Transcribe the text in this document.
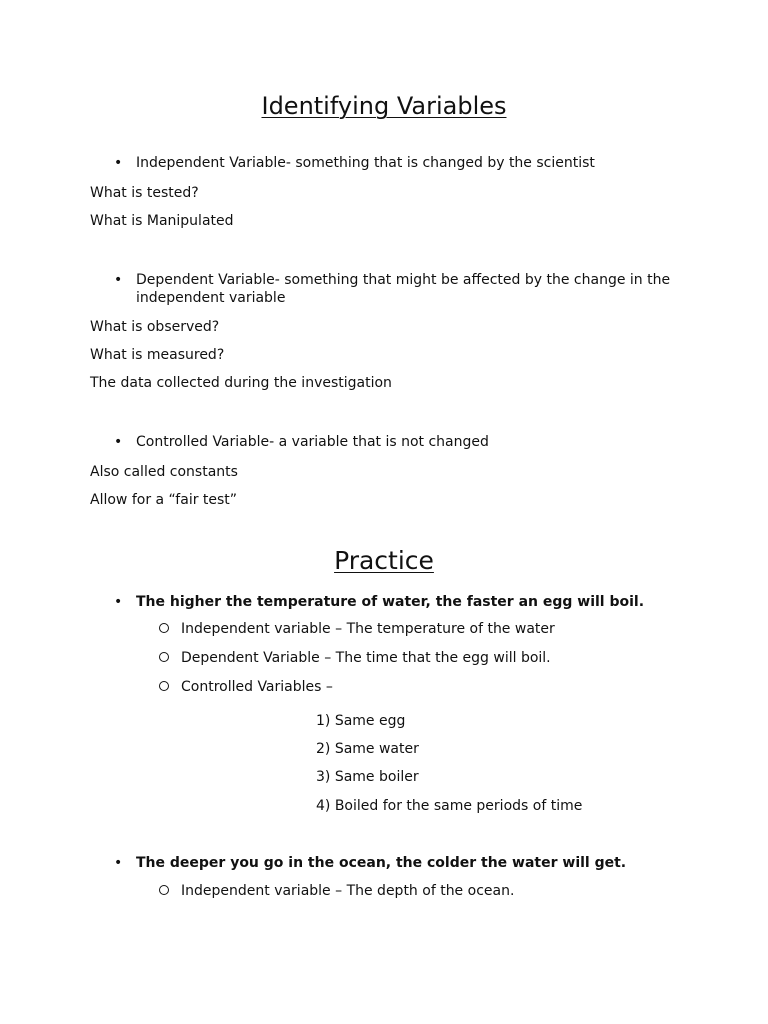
Identifying Variables
• Independent Variable- something that is changed by the scientist
What is tested?
What is Manipulated
• Dependent Variable- something that might be affected by the change in the
independent variable
What is observed?
What is measured?
The data collected during the investigation
• Controlled Variable- a variable that is not changed
Also called constants
Allow for a “fair test”
Practice
• The higher the temperature of water, the faster an egg will boil.
Independent variable – The temperature of the water
Dependent Variable – The time that the egg will boil.
Controlled Variables –
1) Same egg
2) Same water
3) Same boiler
4) Boiled for the same periods of time
• The deeper you go in the ocean, the colder the water will get.
Independent variable – The depth of the ocean.
